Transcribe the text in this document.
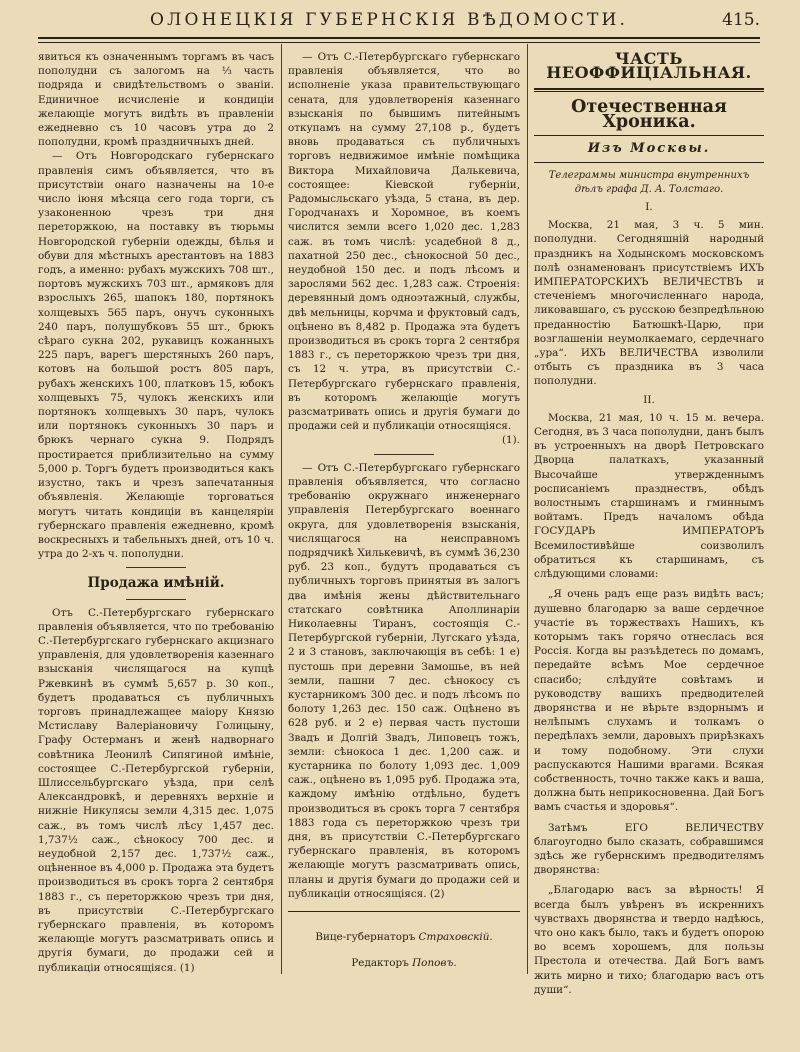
ОЛОНЕЦКІЯ ГУБЕРНСКІЯ ВѢДОМОСТИ.	415.

явиться къ означеннымъ торгамъ въ часъ пополудни съ залогомъ на ⅓ часть подряда и свидѣтельствомъ о званіи. Единичное исчисленіе и кондиціи желающіе могутъ видѣть въ правленіи ежедневно съ 10 часовъ утра до 2 пополудни, кромѣ праздничныхъ дней.

— Отъ Новгородскаго губернскаго правленія симъ объявляется, что въ присутствіи онаго назначены на 10-е число іюня мѣсяца сего года торги, съ узаконенною чрезъ три дня переторжкою, на поставку въ тюрьмы Новгородской губерніи одежды, бѣлья и обуви для мѣстныхъ арестантовъ на 1883 годъ, а именно: рубахъ мужскихъ 708 шт., портовъ мужскихъ 703 шт., армяковъ для взрослыхъ 265, шапокъ 180, портянокъ холщевыхъ 565 паръ, онучъ суконныхъ 240 паръ, полушубковъ 55 шт., брюкъ сѣраго сукна 202, рукавицъ кожанныхъ 225 паръ, варегъ шерстяныхъ 260 паръ, котовъ на большой ростъ 805 паръ, рубахъ женскихъ 100, платковъ 15, юбокъ холщевыхъ 75, чулокъ женскихъ или портянокъ холщевыхъ 30 паръ, чулокъ или портянокъ суконныхъ 30 паръ и брюкъ чернаго сукна 9. Подрядъ простирается приблизительно на сумму 5,000 р. Торгъ будетъ производиться какъ изустно, такъ и чрезъ запечатанныя объявленія. Желающіе торговаться могутъ читать кондиціи въ канцеляріи губернскаго правленія ежедневно, кромѣ воскресныхъ и табельныхъ дней, отъ 10 ч. утра до 2-хъ ч. пополудни.

Продажа имѣній.

Отъ С.-Петербургскаго губернскаго правленія объявляется, что по требованію С.-Петербургскаго губернскаго акцизнаго управленія, для удовлетворенія казеннаго взысканія числящагося на купцѣ Ржевкинѣ въ суммѣ 5,657 р. 30 коп., будетъ продаваться съ публичныхъ торговъ принадлежащее маіору Князю Мстиславу Валеріановичу Голицыну, Графу Остерманъ и женѣ надворнаго совѣтника Леонилѣ Сипягиной имѣніе, состоящее С.-Петербургской губерніи, Шлиссельбургскаго уѣзда, при селѣ Александровкѣ, и деревняхъ верхніе и нижніе Никулясы земли 4,315 дес. 1,075 саж., въ томъ числѣ лѣсу 1,457 дес. 1,737½ саж., сѣнокосу 700 дес. и неудобной 2,157 дес. 1,737½ саж., оцѣненное въ 4,000 р. Продажа эта будетъ производиться въ срокъ торга 2 сентября 1883 г., съ переторжкою чрезъ три дня, въ присутствіи С.-Петербургскаго губернскаго правленія, въ которомъ желающіе могутъ разсматривать опись и другія бумаги, до продажи сей и публикаціи относящіяся. (1)

— Отъ С.-Петербургскаго губернскаго правленія объявляется, что во исполненіе указа правительствующаго сената, для удовлетворенія казеннаго взысканія по бывшимъ питейнымъ откупамъ на сумму 27,108 р., будетъ вновь продаваться съ публичныхъ торговъ недвижимое имѣніе помѣщика Виктора Михайловича Далькевича, состоящее: Кіевской губерніи, Радомысльскаго уѣзда, 5 стана, въ дер. Городчанахъ и Хоромное, въ коемъ числится земли всего 1,020 дес. 1,283 саж. въ томъ числѣ: усадебной 8 д., пахатной 250 дес., сѣнокосной 50 дес., неудобной 150 дес. и подъ лѣсомъ и зарослями 562 дес. 1,283 саж. Строенія: деревянный домъ одноэтажный, службы, двѣ мельницы, корчма и фруктовый садъ, оцѣнено въ 8,482 р. Продажа эта будетъ производиться въ срокъ торга 2 сентября 1883 г., съ переторжкою чрезъ три дня, съ 12 ч. утра, въ присутствіи С.-Петербургскаго губернскаго правленія, въ которомъ желающіе могутъ разсматривать опись и другія бумаги до продажи сей и публикаціи относящіяся.

(1).

— Отъ С.-Петербургскаго губернскаго правленія объявляется, что согласно требованію окружнаго инженернаго управленія Петербургскаго военнаго округа, для удовлетворенія взысканія, числящагося на неисправномъ подрядчикѣ Хилькевичѣ, въ суммѣ 36,230 руб. 23 коп., будутъ продаваться съ публичныхъ торговъ принятыя въ залогъ два имѣнія жены дѣйствительнаго статскаго совѣтника Аполлинаріи Николаевны Тиранъ, состоящія С.-Петербургской губерніи, Лугскаго уѣзда, 2 и 3 становъ, заключающія въ себѣ: 1 е) пустошь при деревни Замошье, въ ней земли, пашни 7 дес. сѣнокосу съ кустарникомъ 300 дес. и подъ лѣсомъ по болоту 1,263 дес. 150 саж. Оцѣнено въ 628 руб. и 2 е) первая часть пустоши Звадъ и Долгій Звадъ, Липовецъ тожъ, земли: сѣнокоса 1 дес. 1,200 саж. и кустарника по болоту 1,093 дес. 1,009 саж., оцѣнено въ 1,095 руб. Продажа эта, каждому имѣнію отдѣльно, будетъ производиться въ срокъ торга 7 сентября 1883 года съ переторжкою чрезъ три дня, въ присутствіи С.-Петербургскаго губернскаго правленія, въ которомъ желающіе могутъ разсматривать опись, планы и другія бумаги до продажи сей и публикаціи относящіяся. (2)

Вице-губернаторъ Страховскій.
Редакторъ Поповъ.
ЧАСТЬ НЕОФФИЦІАЛЬНАЯ.
Отечественная Хроника.
Изъ Москвы.
Телеграммы министра внутреннихъ дѣлъ графа Д. А. Толстаго.
I.

Москва, 21 мая, 3 ч. 5 мин. пополудни. Сегодняшній народный праздникъ на Ходынскомъ московскомъ полѣ ознаменованъ присутствіемъ ИХЪ ИМПЕРАТОРСКИХЪ ВЕЛИЧЕСТВЪ и стеченіемъ многочисленнаго народа, ликовавшаго, съ русскою безпредѣльною преданностію Батюшкѣ-Царю, при возглашеніи неумолкаемаго, сердечнаго „ура“. ИХЪ ВЕЛИЧЕСТВА изволили отбыть съ праздника въ 3 часа пополудни.

II.

Москва, 21 мая, 10 ч. 15 м. вечера. Сегодня, въ 3 часа пополудни, данъ былъ въ устроенныхъ на дворѣ Петровскаго Дворца палаткахъ, указанный Высочайше утвержденнымъ росписаніемъ празднествъ, обѣдъ волостнымъ старшинамъ и гминнымъ войтамъ. Предъ началомъ обѣда ГОСУДАРЬ ИМПЕРАТОРЪ Всемилостивѣйше соизволилъ обратиться къ старшинамъ, съ слѣдующими словами:

„Я очень радъ еще разъ видѣть васъ; душевно благодарю за ваше сердечное участіе въ торжествахъ Нашихъ, къ которымъ такъ горячо отнеслась вся Россія. Когда вы разъѣдетесь по домамъ, передайте всѣмъ Мое сердечное спасибо; слѣдуйте совѣтамъ и руководству вашихъ предводителей дворянства и не вѣрьте вздорнымъ и нелѣпымъ слухамъ и толкамъ о передѣлахъ земли, даровыхъ прирѣзкахъ и тому подобному. Эти слухи распускаются Нашими врагами. Всякая собственность, точно также какъ и ваша, должна быть неприкосновенна. Дай Богъ вамъ счастья и здоровья“.

Затѣмъ ЕГО ВЕЛИЧЕСТВУ благоугодно было сказать, собравшимся здѣсь же губернскимъ предводителямъ дворянства:

„Благодарю васъ за вѣрность! Я всегда былъ увѣренъ въ искреннихъ чувствахъ дворянства и твердо надѣюсь, что оно какъ было, такъ и будетъ опорою во всемъ хорошемъ, для пользы Престола и отечества. Дай Богъ вамъ жить мирно и тихо; благодарю васъ отъ души“.
